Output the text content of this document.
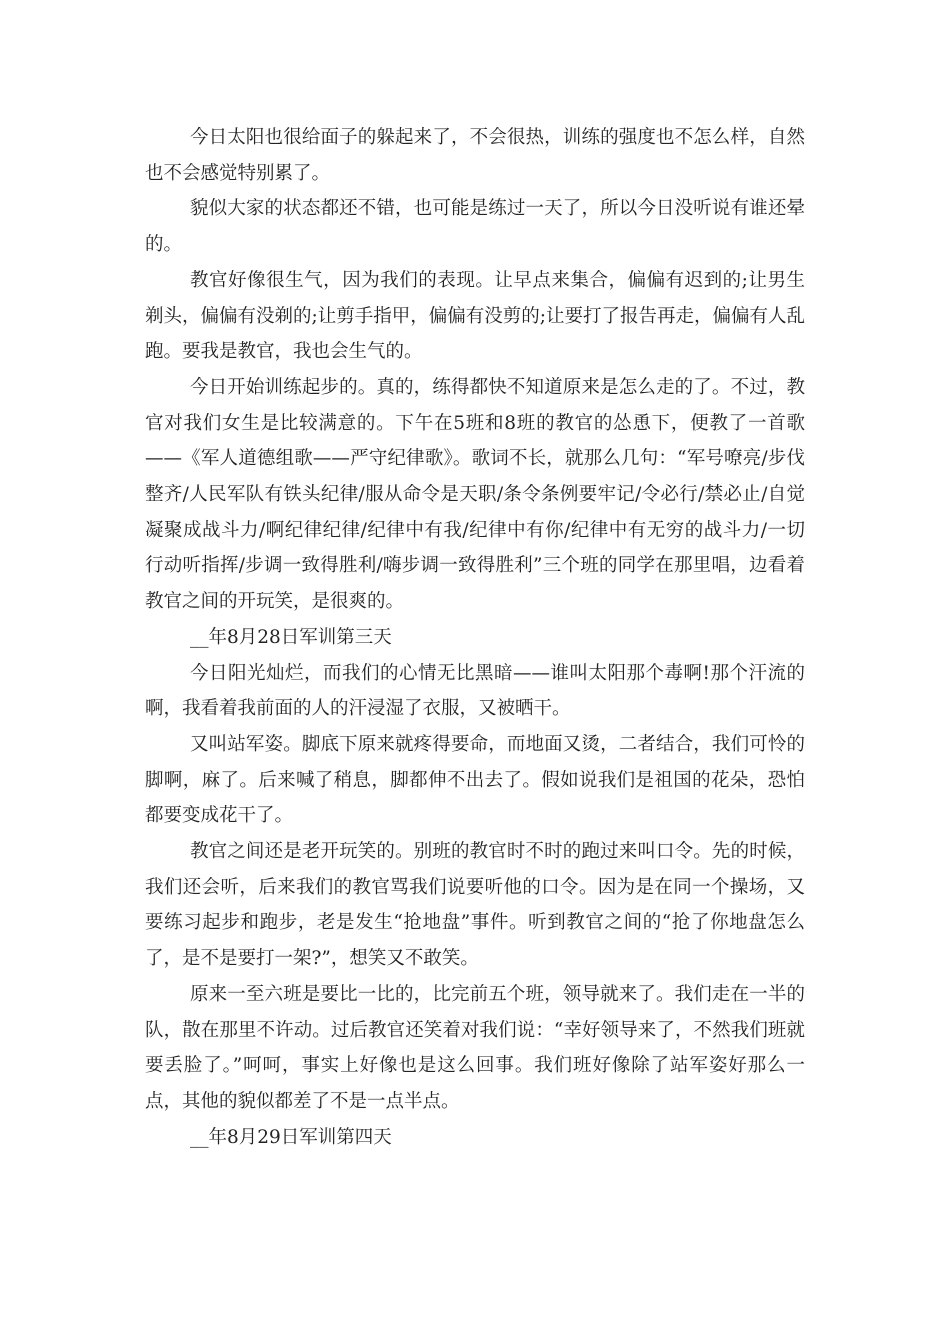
今日太阳也很给面子的躲起来了，不会很热，训练的强度也不怎么样，自然也不会感觉特别累了。

貌似大家的状态都还不错，也可能是练过一天了，所以今日没听说有谁还晕的。

教官好像很生气，因为我们的表现。让早点来集合，偏偏有迟到的;让男生剃头，偏偏有没剃的;让剪手指甲，偏偏有没剪的;让要打了报告再走，偏偏有人乱跑。要我是教官，我也会生气的。

今日开始训练起步的。真的，练得都快不知道原来是怎么走的了。不过，教官对我们女生是比较满意的。下午在5班和8班的教官的怂恿下，便教了一首歌——《军人道德组歌——严守纪律歌》。歌词不长，就那么几句：“军号嘹亮/步伐整齐/人民军队有铁头纪律/服从命令是天职/条令条例要牢记/令必行/禁必止/自觉凝聚成战斗力/啊纪律纪律/纪律中有我/纪律中有你/纪律中有无穷的战斗力/一切行动听指挥/步调一致得胜利/嗨步调一致得胜利”三个班的同学在那里唱，边看着教官之间的开玩笑，是很爽的。

__年8月28日军训第三天

今日阳光灿烂，而我们的心情无比黑暗——谁叫太阳那个毒啊!那个汗流的啊，我看着我前面的人的汗浸湿了衣服，又被晒干。

又叫站军姿。脚底下原来就疼得要命，而地面又烫，二者结合，我们可怜的脚啊，麻了。后来喊了稍息，脚都伸不出去了。假如说我们是祖国的花朵，恐怕都要变成花干了。

教官之间还是老开玩笑的。别班的教官时不时的跑过来叫口令。先的时候，我们还会听，后来我们的教官骂我们说要听他的口令。因为是在同一个操场，又要练习起步和跑步，老是发生“抢地盘”事件。听到教官之间的“抢了你地盘怎么了，是不是要打一架?”，想笑又不敢笑。

原来一至六班是要比一比的，比完前五个班，领导就来了。我们走在一半的队，散在那里不许动。过后教官还笑着对我们说：“幸好领导来了，不然我们班就要丢脸了。”呵呵，事实上好像也是这么回事。我们班好像除了站军姿好那么一点，其他的貌似都差了不是一点半点。

__年8月29日军训第四天
